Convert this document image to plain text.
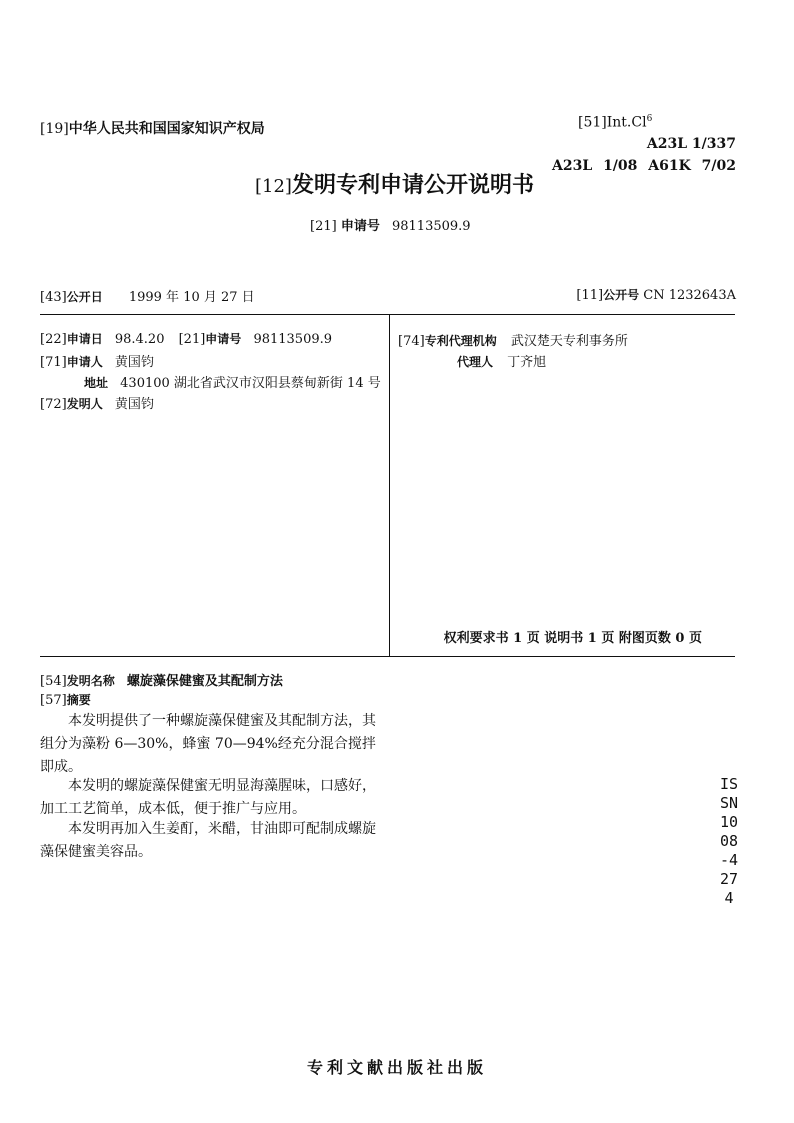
[19]中华人民共和国国家知识产权局	[51]Int.Cl$^6$
A23L 1/337
A23L 1/08 A61K 7/02
[12]发明专利申请公开说明书
[21] 申请号 98113509.9
[43]公开日 1999 年 10 月 27 日	[11]公开号 CN 1232643A
[22]申请日 98.4.20 [21]申请号 98113509.9
[71]申请人 黄国钧
地址 430100 湖北省武汉市汉阳县蔡甸新街 14 号
[72]发明人 黄国钧
[74]专利代理机构 武汉楚天专利事务所
代理人 丁齐旭
权利要求书 1 页 说明书 1 页 附图页数 0 页
[54]发明名称 螺旋藻保健蜜及其配制方法
[57]摘要
本发明提供了一种螺旋藻保健蜜及其配制方法，其组分为藻粉 6—30%，蜂蜜 70—94%经充分混合搅拌即成。
本发明的螺旋藻保健蜜无明显海藻腥味，口感好，加工工艺简单，成本低，便于推广与应用。
本发明再加入生姜酊，米醋，甘油即可配制成螺旋藻保健蜜美容品。
ISSN1008-4274
专利文献出版社出版
